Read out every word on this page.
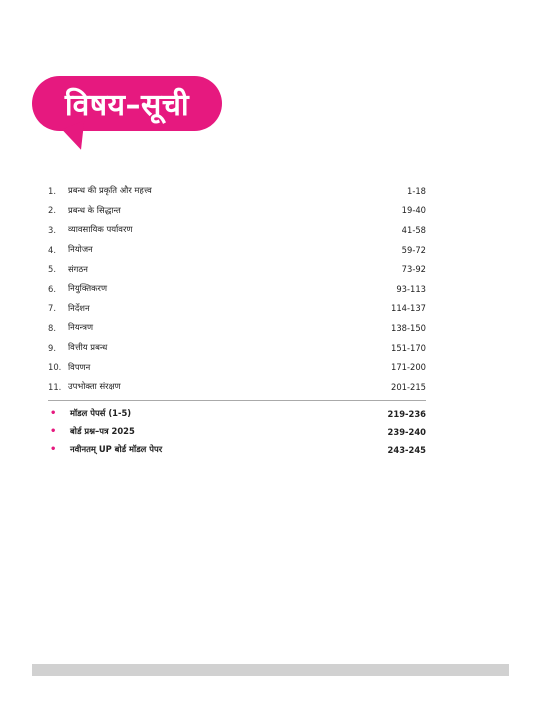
विषय–सूची
1.	प्रबन्ध की प्रकृति और महत्त्व	1-18
2.	प्रबन्ध के सिद्धान्त	19-40
3.	व्यावसायिक पर्यावरण	41-58
4.	नियोजन	59-72
5.	संगठन	73-92
6.	नियुक्तिकरण	93-113
7.	निर्देशन	114-137
8.	नियन्त्रण	138-150
9.	वित्तीय प्रबन्ध	151-170
10. विपणन	171-200
11. उपभोक्ता संरक्षण	201-215
•	मॉडल पेपर्स (1-5)	219-236
•	बोर्ड प्रश्न–पत्र 2025	239-240
•	नवीनतम् UP बोर्ड मॉडल पेपर	243-245
